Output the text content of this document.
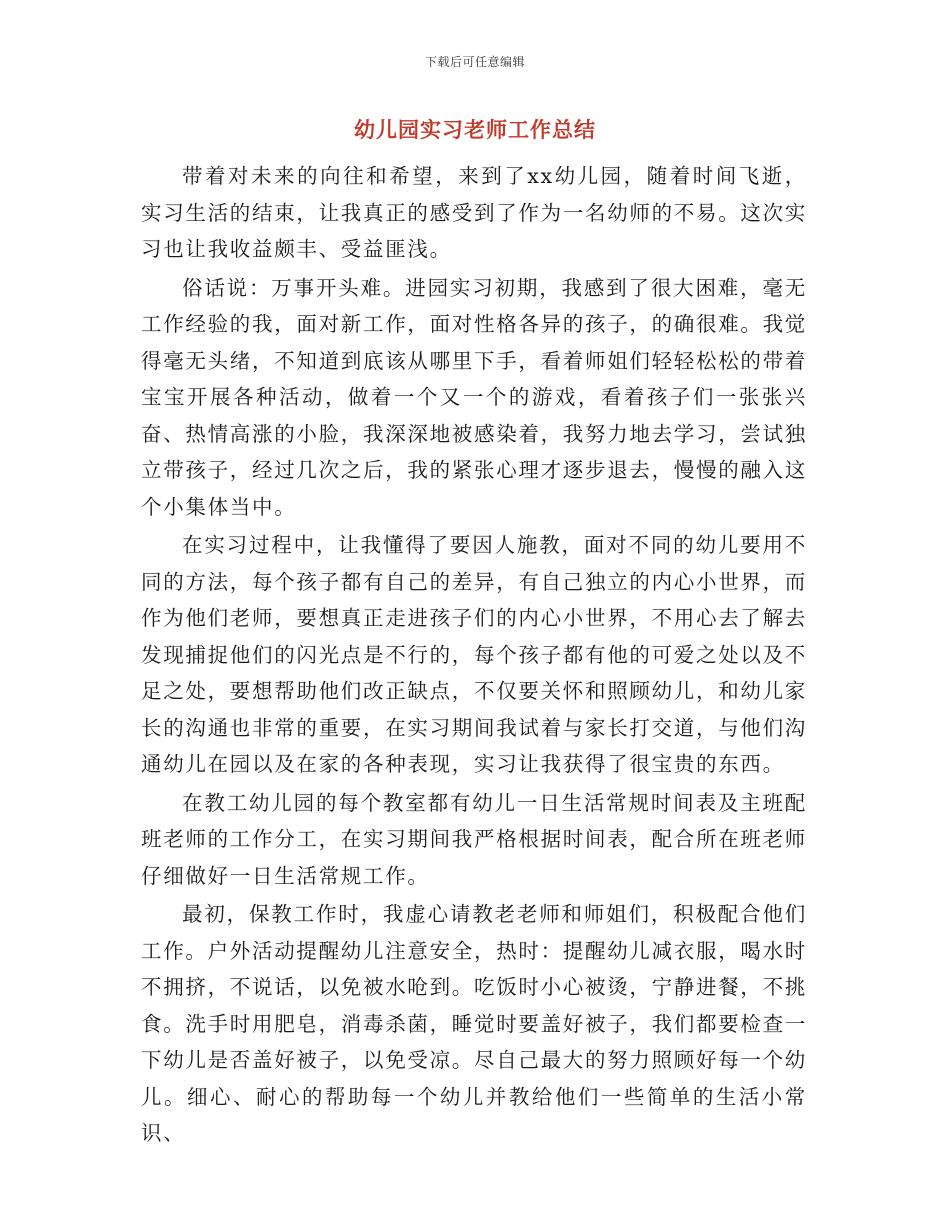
下载后可任意编辑
幼儿园实习老师工作总结

带着对未来的向往和希望，来到了xx幼儿园，随着时间飞逝，实习生活的结束，让我真正的感受到了作为一名幼师的不易。这次实习也让我收益颇丰、受益匪浅。

俗话说：万事开头难。进园实习初期，我感到了很大困难，毫无工作经验的我，面对新工作，面对性格各异的孩子，的确很难。我觉得毫无头绪，不知道到底该从哪里下手，看着师姐们轻轻松松的带着宝宝开展各种活动，做着一个又一个的游戏，看着孩子们一张张兴奋、热情高涨的小脸，我深深地被感染着，我努力地去学习，尝试独立带孩子，经过几次之后，我的紧张心理才逐步退去，慢慢的融入这个小集体当中。

在实习过程中，让我懂得了要因人施教，面对不同的幼儿要用不同的方法，每个孩子都有自己的差异，有自己独立的内心小世界，而作为他们老师，要想真正走进孩子们的内心小世界，不用心去了解去发现捕捉他们的闪光点是不行的，每个孩子都有他的可爱之处以及不足之处，要想帮助他们改正缺点，不仅要关怀和照顾幼儿，和幼儿家长的沟通也非常的重要，在实习期间我试着与家长打交道，与他们沟通幼儿在园以及在家的各种表现，实习让我获得了很宝贵的东西。

在教工幼儿园的每个教室都有幼儿一日生活常规时间表及主班配班老师的工作分工，在实习期间我严格根据时间表，配合所在班老师仔细做好一日生活常规工作。

最初，保教工作时，我虚心请教老老师和师姐们，积极配合他们工作。户外活动提醒幼儿注意安全，热时：提醒幼儿减衣服，喝水时不拥挤，不说话，以免被水呛到。吃饭时小心被烫，宁静进餐，不挑食。洗手时用肥皂，消毒杀菌，睡觉时要盖好被子，我们都要检查一下幼儿是否盖好被子，以免受凉。尽自己最大的努力照顾好每一个幼儿。细心、耐心的帮助每一个幼儿并教给他们一些简单的生活小常识、
